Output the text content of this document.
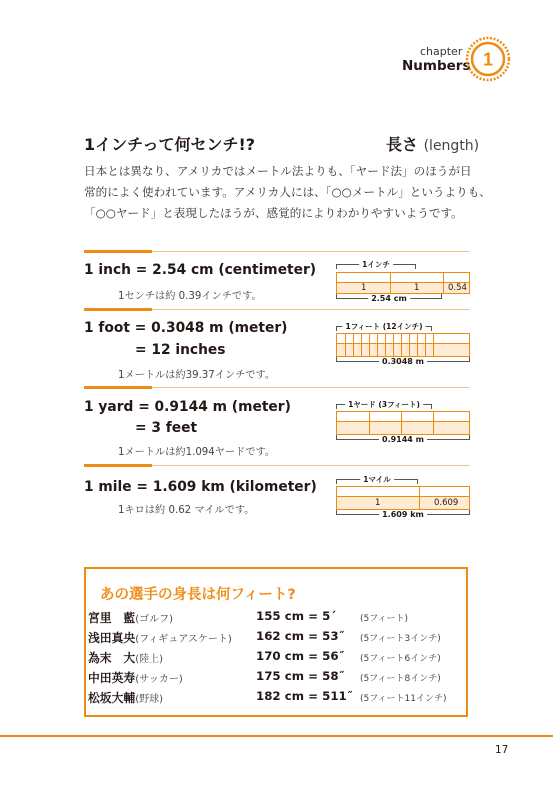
chapter
Numbers 1
1インチって何センチ!?	長さ (length)
日本とは異なり、アメリカではメートル法よりも、「ヤード法」のほうが日
常的によく使われています。アメリカ人には、「○○メートル」というよりも、
「○○ヤード」と表現したほうが、感覚的によりわかりやすいようです。
1 inch = 2.54 cm (centimeter)
1センチは約 0.39インチです。
1インチ
1	1	0.54
2.54 cm
1 foot = 0.3048 m (meter)
= 12 inches
1メートルは約39.37インチです。
1フィート (12インチ)
0.3048 m
1 yard = 0.9144 m (meter)
= 3 feet
1メートルは約1.094ヤードです。
1ヤード (3フィート)
0.9144 m
1 mile = 1.609 km (kilometer)
1キロは約 0.62 マイルです。
1マイル
1	0.609
1.609 km
あの選手の身長は何フィート?
宮里　藍(ゴルフ)	155 cm = 5´	(5フィート)
浅田真央(フィギュアスケート) 162 cm = 53˝ (5フィート3インチ)
為末　大(陸上)	170 cm = 56˝ (5フィート6インチ)
中田英寿(サッカー)	175 cm = 58˝ (5フィート8インチ)
松坂大輔(野球)	182 cm = 511˝ (5フィート11インチ)
17
